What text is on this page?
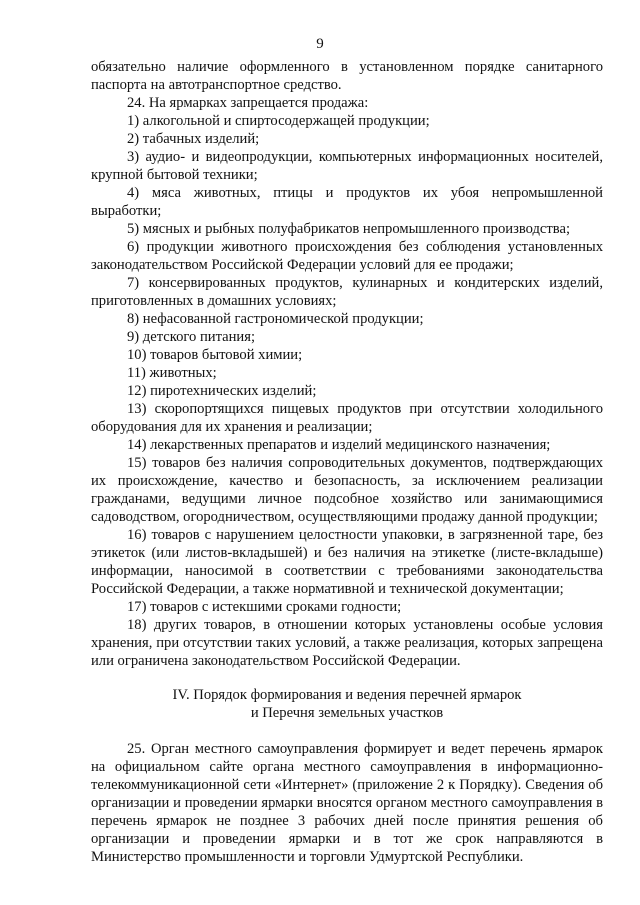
9

обязательно наличие оформленного в установленном порядке санитарного паспорта на автотранспортное средство.

24. На ярмарках запрещается продажа:

1) алкогольной и спиртосодержащей продукции;

2) табачных изделий;

3) аудио- и видеопродукции, компьютерных информационных носителей, крупной бытовой техники;

4) мяса животных, птицы и продуктов их убоя непромышленной выработки;

5) мясных и рыбных полуфабрикатов непромышленного производства;

6) продукции животного происхождения без соблюдения установленных законодательством Российской Федерации условий для ее продажи;

7) консервированных продуктов, кулинарных и кондитерских изделий, приготовленных в домашних условиях;

8) нефасованной гастрономической продукции;

9) детского питания;

10) товаров бытовой химии;

11) животных;

12) пиротехнических изделий;

13) скоропортящихся пищевых продуктов при отсутствии холодильного оборудования для их хранения и реализации;

14) лекарственных препаратов и изделий медицинского назначения;

15) товаров без наличия сопроводительных документов, подтверждающих их происхождение, качество и безопасность, за исключением реализации гражданами, ведущими личное подсобное хозяйство или занимающимися садоводством, огородничеством, осуществляющими продажу данной продукции;

16) товаров с нарушением целостности упаковки, в загрязненной таре, без этикеток (или листов-вкладышей) и без наличия на этикетке (листе-вкладыше) информации, наносимой в соответствии с требованиями законодательства Российской Федерации, а также нормативной и технической документации;

17) товаров с истекшими сроками годности;

18) других товаров, в отношении которых установлены особые условия хранения, при отсутствии таких условий, а также реализация, которых запрещена или ограничена законодательством Российской Федерации.

IV. Порядок формирования и ведения перечней ярмарок
и Перечня земельных участков

25. Орган местного самоуправления формирует и ведет перечень ярмарок на официальном сайте органа местного самоуправления в информационно-телекоммуникационной сети «Интернет» (приложение 2 к Порядку). Сведения об организации и проведении ярмарки вносятся органом местного самоуправления в перечень ярмарок не позднее 3 рабочих дней после принятия решения об организации и проведении ярмарки и в тот же срок направляются в Министерство промышленности и торговли Удмуртской Республики.
